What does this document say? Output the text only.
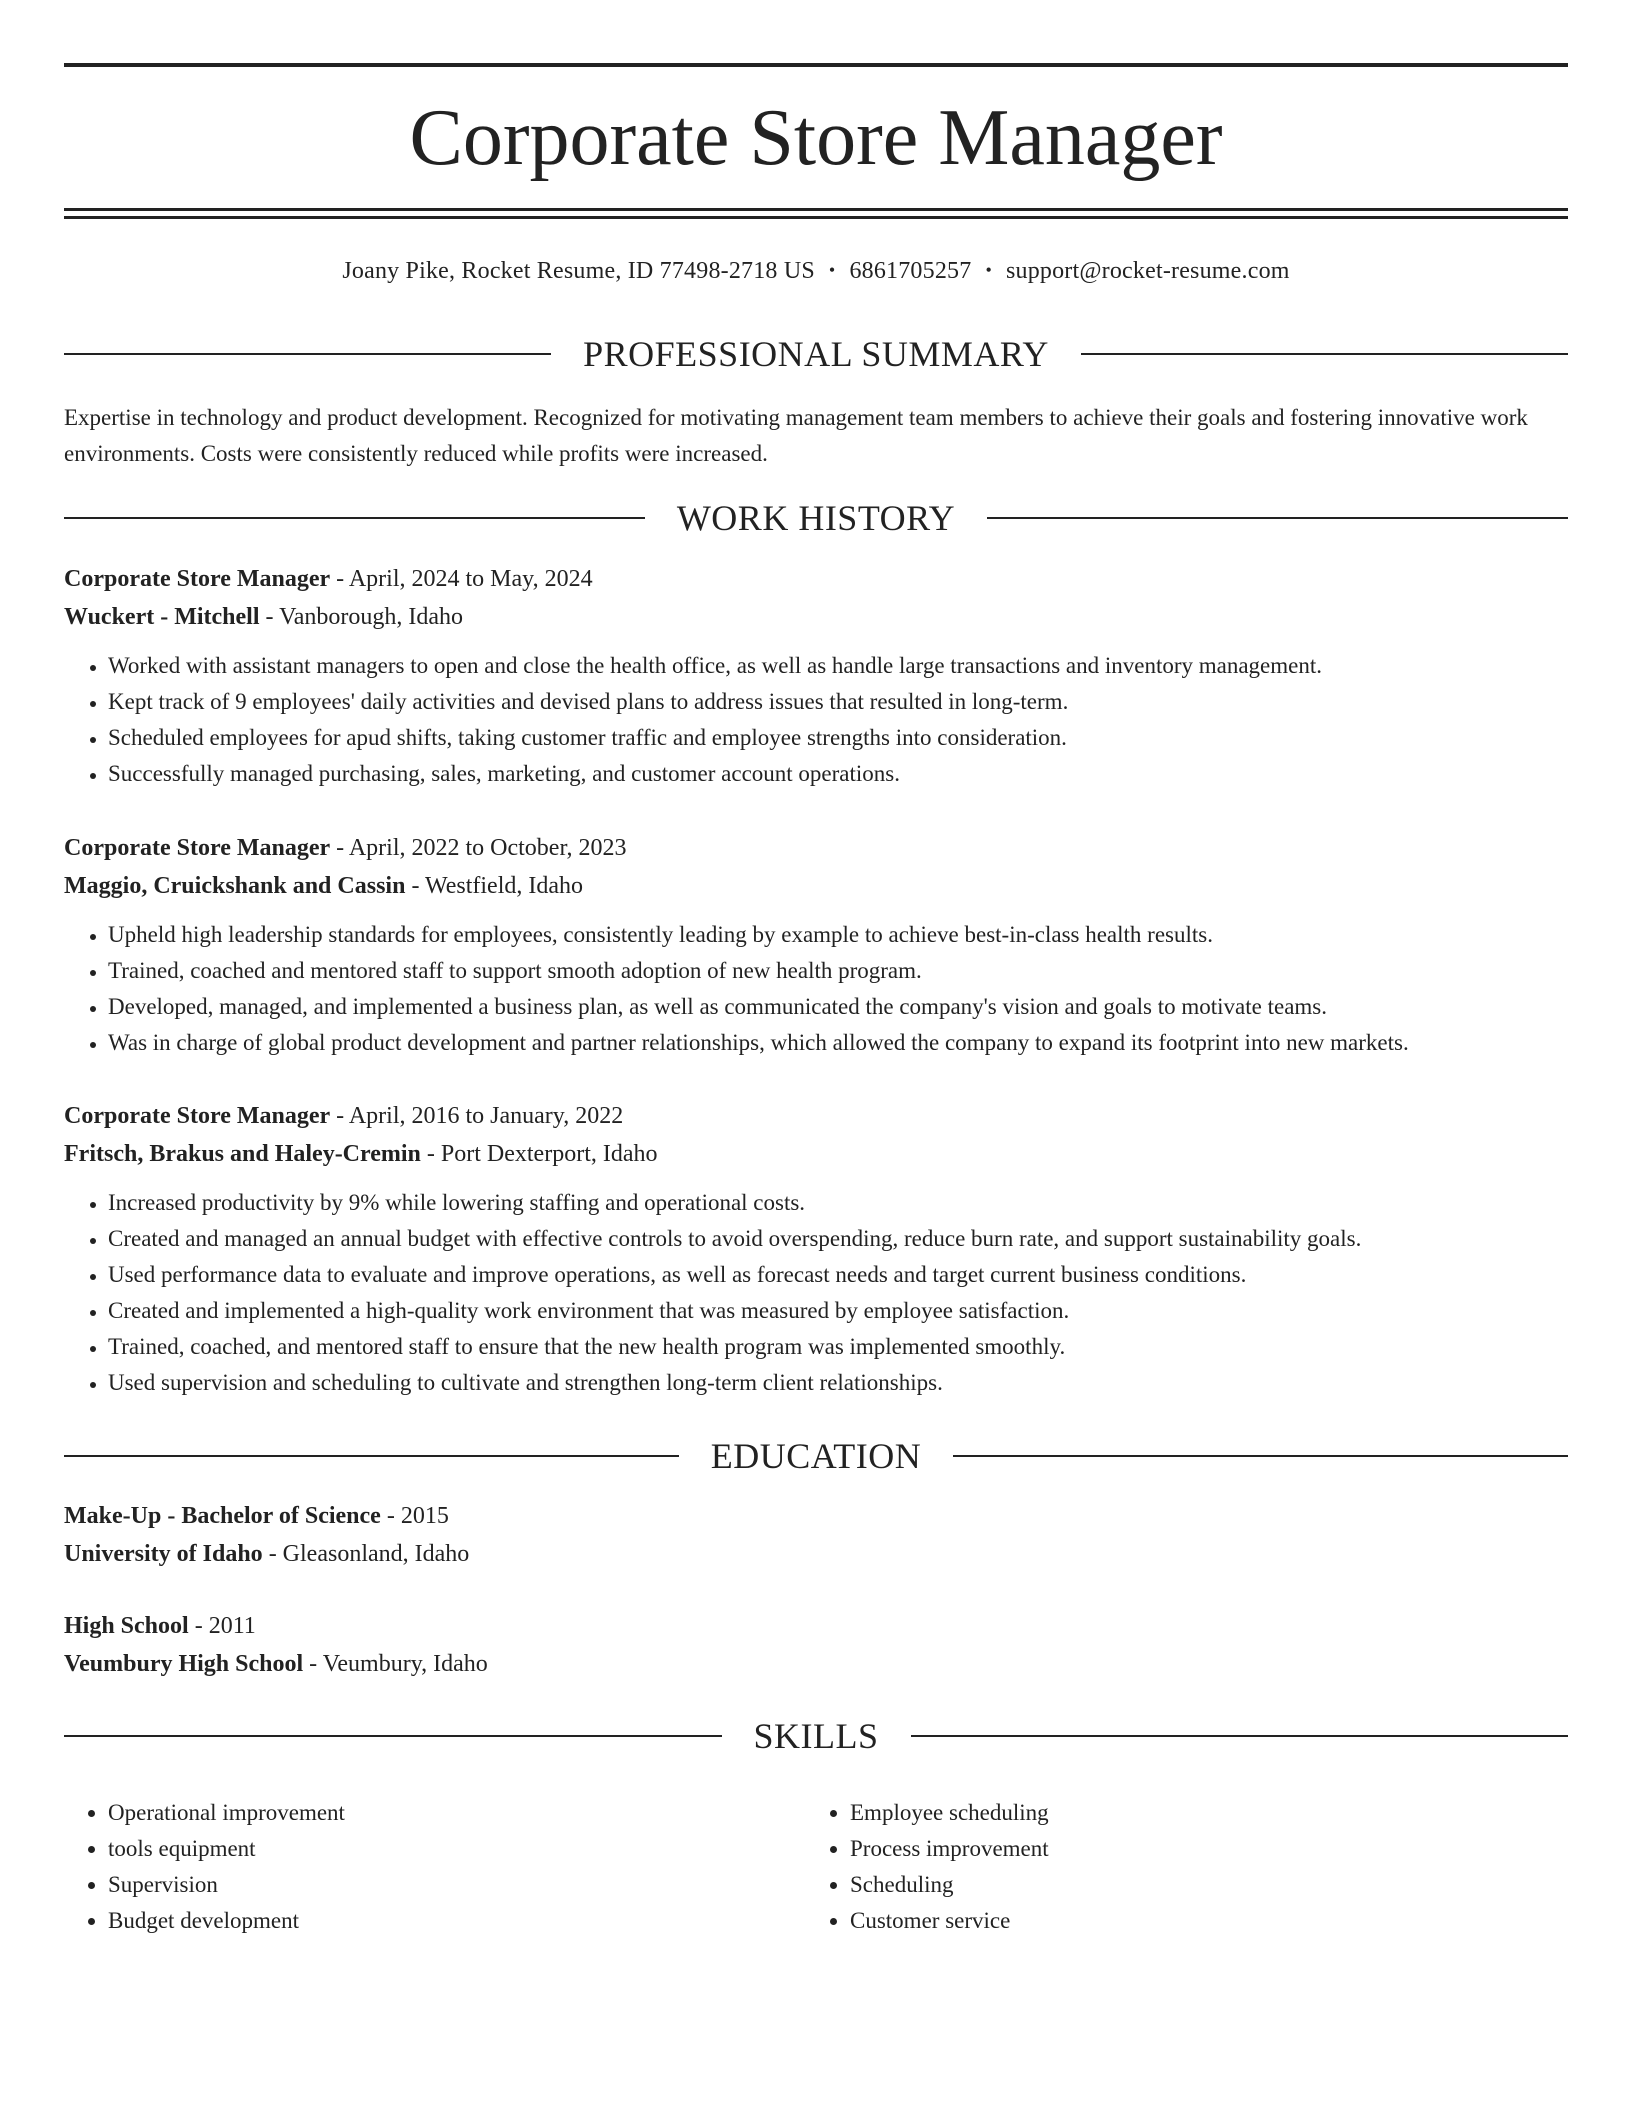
Corporate Store Manager
Joany Pike, Rocket Resume, ID 77498-2718 US • 6861705257 • support@rocket-resume.com
PROFESSIONAL SUMMARY
Expertise in technology and product development. Recognized for motivating management team members to achieve their goals and fostering innovative work environments. Costs were consistently reduced while profits were increased.
WORK HISTORY
Corporate Store Manager - April, 2024 to May, 2024
Wuckert - Mitchell - Vanborough, Idaho
• Worked with assistant managers to open and close the health office, as well as handle large transactions and inventory management.
• Kept track of 9 employees' daily activities and devised plans to address issues that resulted in long-term.
• Scheduled employees for apud shifts, taking customer traffic and employee strengths into consideration.
• Successfully managed purchasing, sales, marketing, and customer account operations.
Corporate Store Manager - April, 2022 to October, 2023
Maggio, Cruickshank and Cassin - Westfield, Idaho
• Upheld high leadership standards for employees, consistently leading by example to achieve best-in-class health results.
• Trained, coached and mentored staff to support smooth adoption of new health program.
• Developed, managed, and implemented a business plan, as well as communicated the company's vision and goals to motivate teams.
• Was in charge of global product development and partner relationships, which allowed the company to expand its footprint into new markets.
Corporate Store Manager - April, 2016 to January, 2022
Fritsch, Brakus and Haley-Cremin - Port Dexterport, Idaho
• Increased productivity by 9% while lowering staffing and operational costs.
• Created and managed an annual budget with effective controls to avoid overspending, reduce burn rate, and support sustainability goals.
• Used performance data to evaluate and improve operations, as well as forecast needs and target current business conditions.
• Created and implemented a high-quality work environment that was measured by employee satisfaction.
• Trained, coached, and mentored staff to ensure that the new health program was implemented smoothly.
• Used supervision and scheduling to cultivate and strengthen long-term client relationships.
EDUCATION
Make-Up - Bachelor of Science - 2015
University of Idaho - Gleasonland, Idaho
High School - 2011
Veumbury High School - Veumbury, Idaho
SKILLS
• Operational improvement
• tools equipment
• Supervision
• Budget development
• Employee scheduling
• Process improvement
• Scheduling
• Customer service
